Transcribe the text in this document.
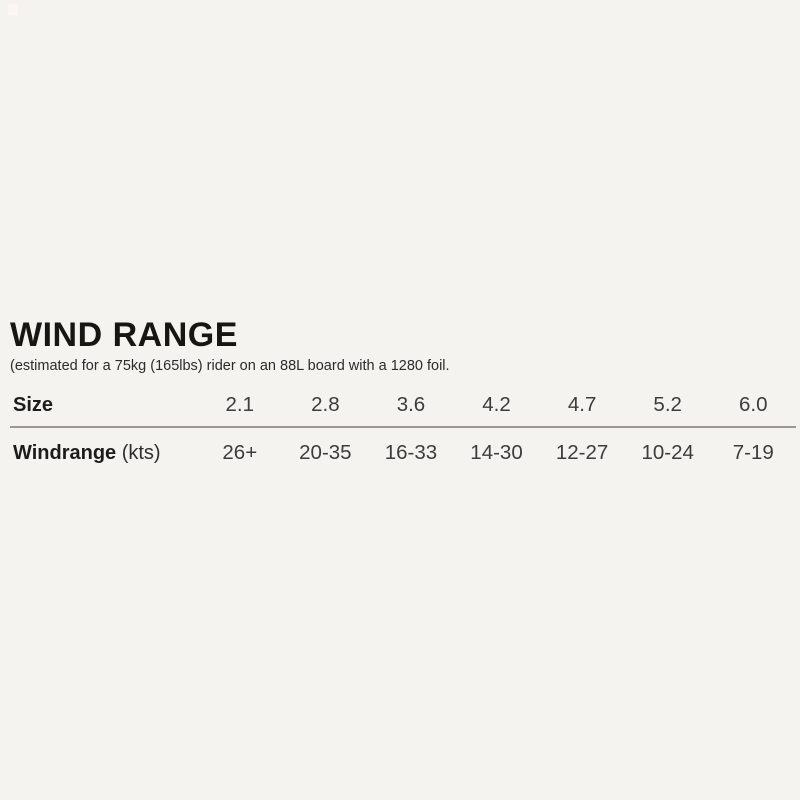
WIND RANGE
(estimated for a 75kg (165lbs) rider on an 88L board with a 1280 foil.
Size	2.1	2.8	3.6	4.2	4.7	5.2	6.0
Windrange (kts)	26+	20-35	16-33	14-30	12-27	10-24	7-19
